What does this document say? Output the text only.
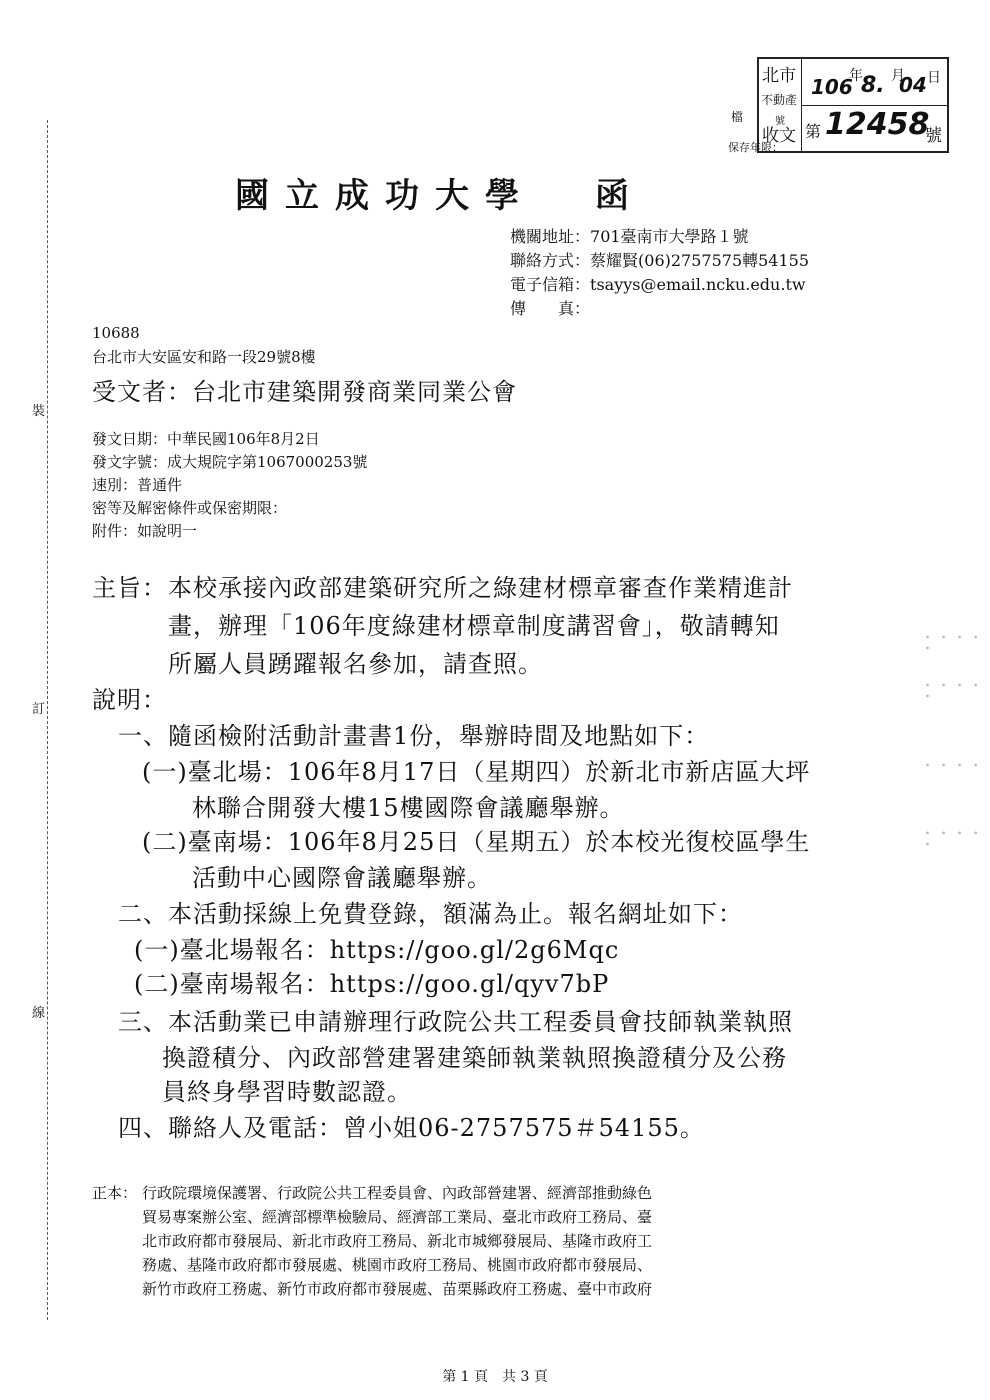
裝
訂
線
檔	號
北市
不動產
收文
106
年
8. 月
04 日
第 12458
號
保存年限：
國立成功大學 函
機關地址：701臺南市大學路１號
聯絡方式：蔡耀賢(06)2757575轉54155
電子信箱：tsayys@email.ncku.edu.tw
傳　　真：
10688
台北市大安區安和路一段29號8樓
受文者：台北市建築開發商業同業公會
發文日期：中華民國106年8月2日
發文字號：成大規院字第1067000253號
速別：普通件
密等及解密條件或保密期限：
附件：如說明一
主旨： 本校承接內政部建築研究所之綠建材標章審查作業精進計
畫，辦理「106年度綠建材標章制度講習會」，敬請轉知
所屬人員踴躍報名參加，請查照。
說明：
一、隨函檢附活動計畫書1份，舉辦時間及地點如下：
(一)臺北場：106年8月17日（星期四）於新北市新店區大坪
林聯合開發大樓15樓國際會議廳舉辦。
(二)臺南場：106年8月25日（星期五）於本校光復校區學生
活動中心國際會議廳舉辦。
二、本活動採線上免費登錄，額滿為止。報名網址如下：
(一)臺北場報名：https://goo.gl/2g6Mqc
(二)臺南場報名：https://goo.gl/qyv7bP
三、本活動業已申請辦理行政院公共工程委員會技師執業執照
換證積分、內政部營建署建築師執業執照換證積分及公務
員終身學習時數認證。
四、聯絡人及電話：曾小姐06-2757575＃54155。
正本： 行政院環境保護署、行政院公共工程委員會、內政部營建署、經濟部推動綠色
貿易專案辦公室、經濟部標準檢驗局、經濟部工業局、臺北市政府工務局、臺
北市政府都市發展局、新北市政府工務局、新北市城鄉發展局、基隆市政府工
務處、基隆市政府都市發展處、桃園市政府工務局、桃園市政府都市發展局、
新竹市政府工務處、新竹市政府都市發展處、苗栗縣政府工務處、臺中市政府
∙ ∙ ∙ ∙ ∙
∙ ∙ ∙ ∙ ∙
∙ ∙ ∙ ∙
∙ ∙ ∙ ∙ ∙
第 1 頁　共 3 頁
